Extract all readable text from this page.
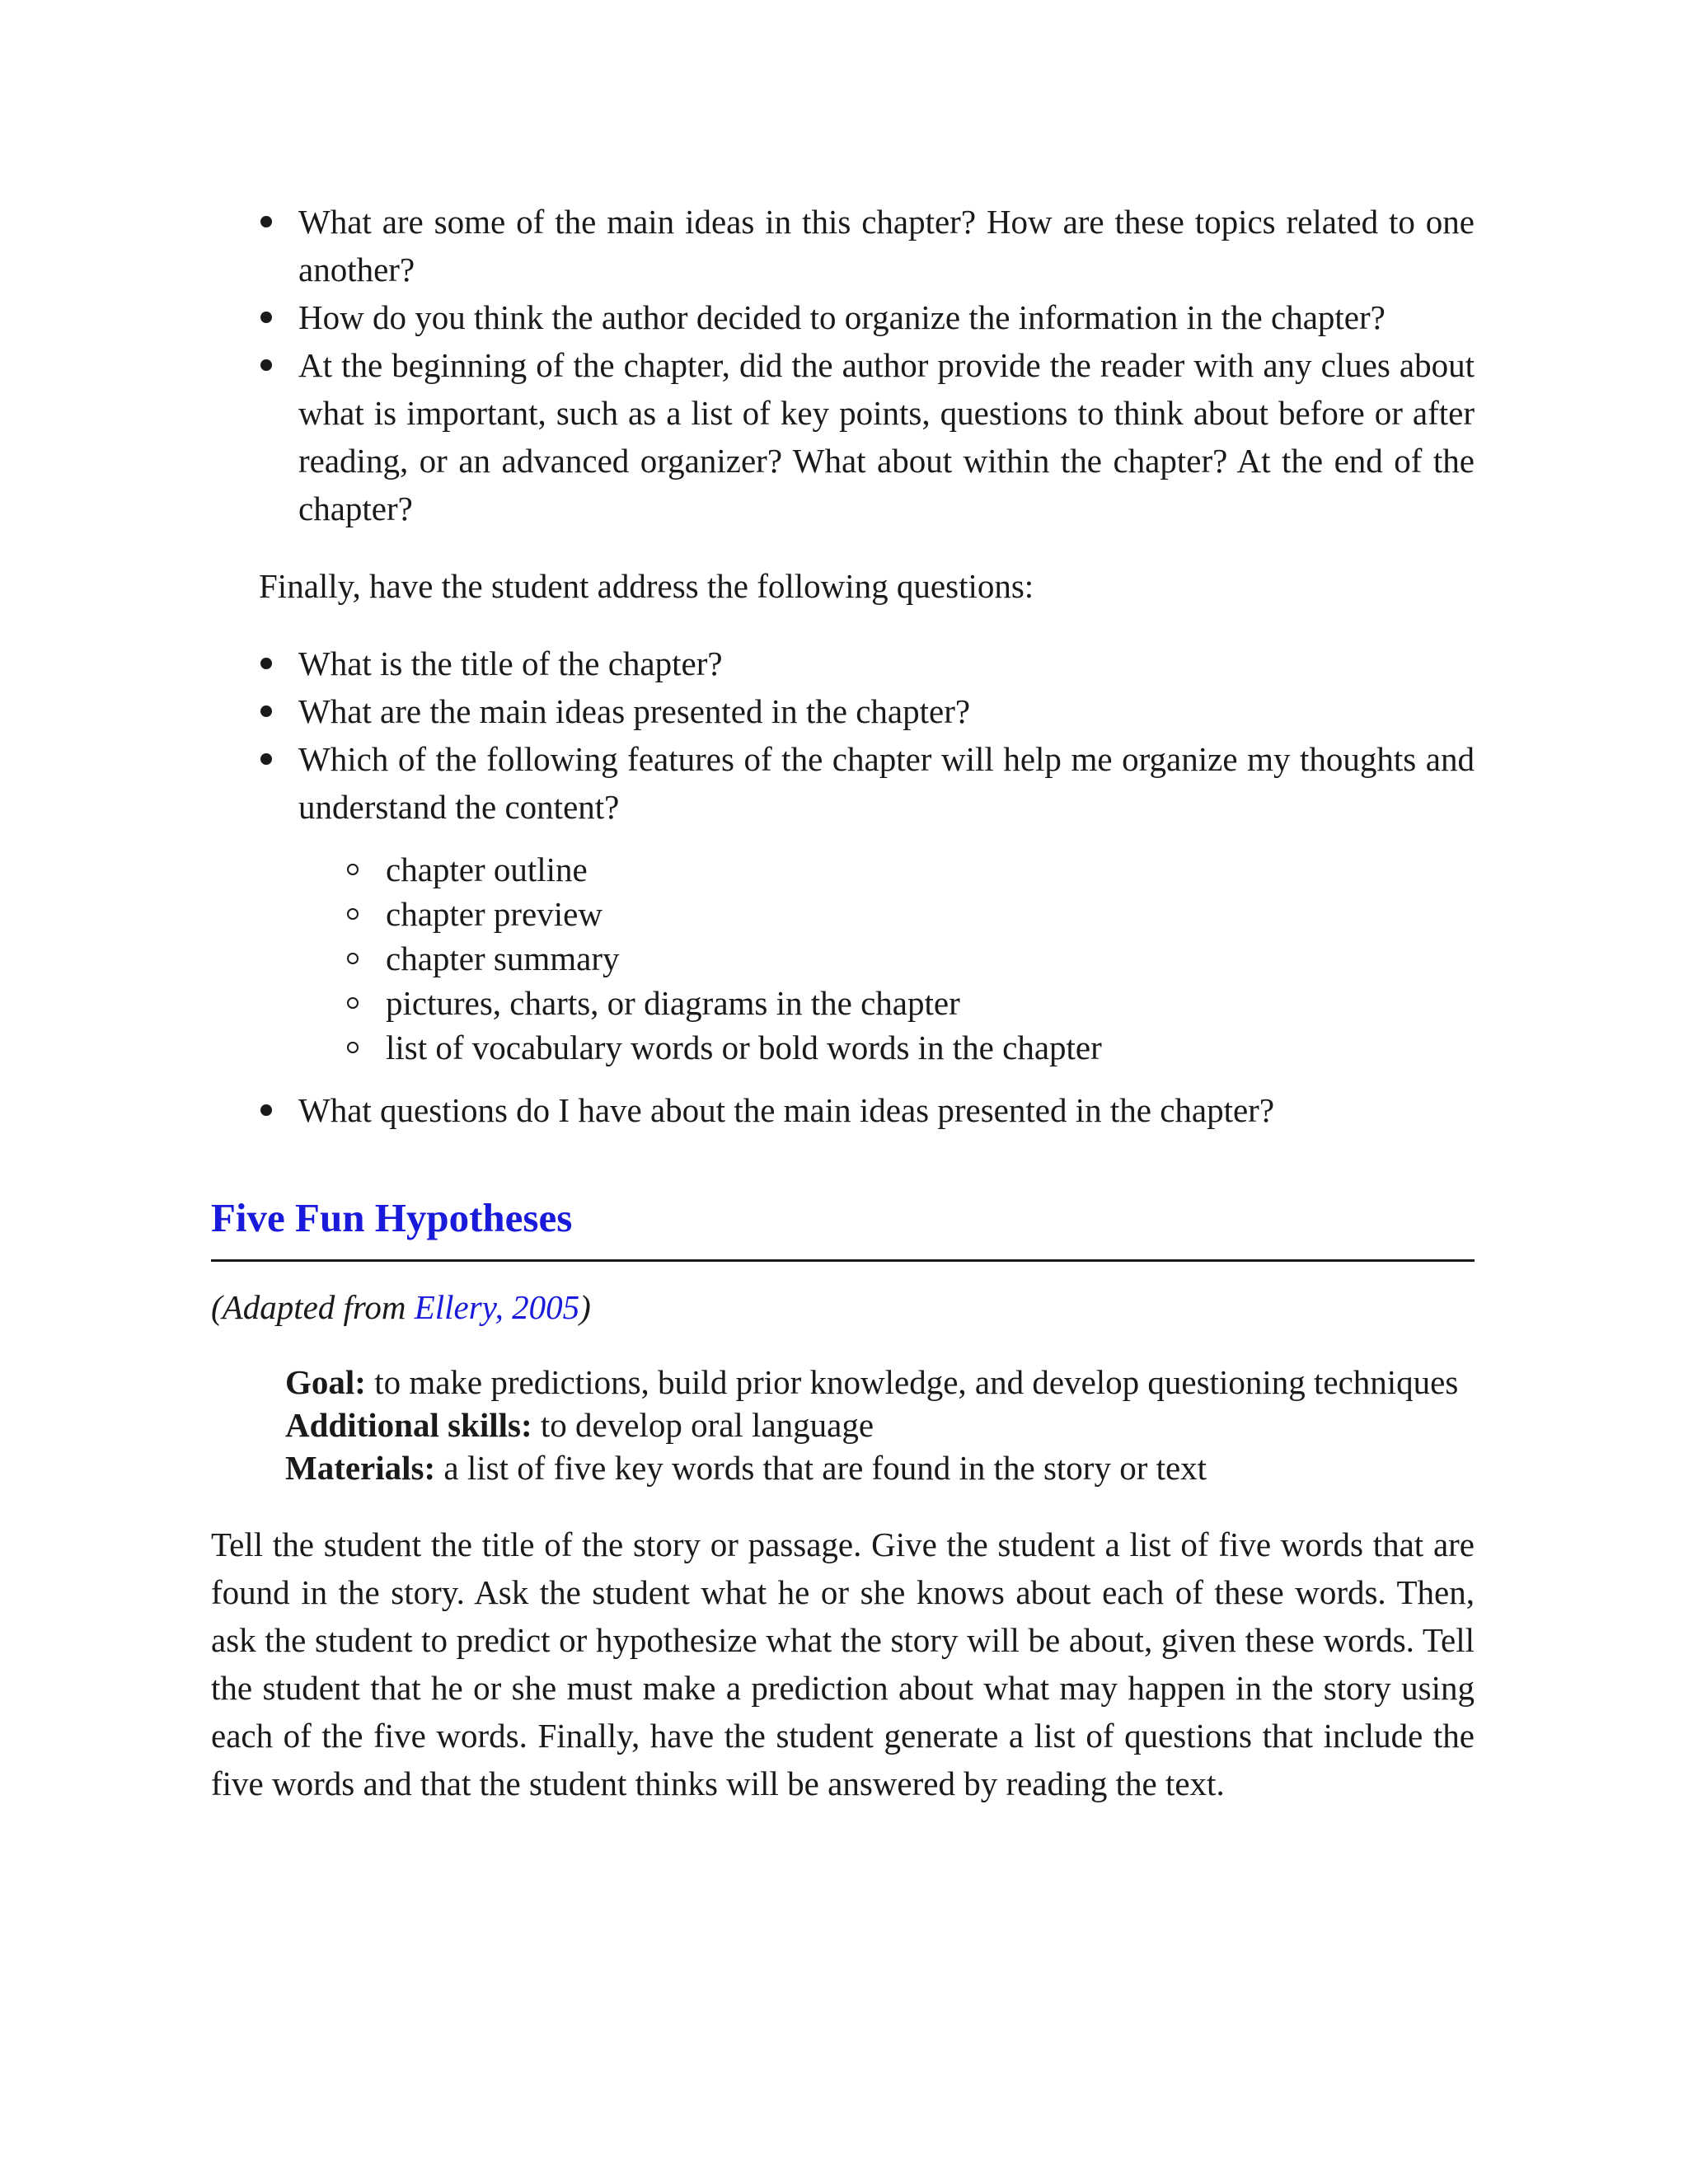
What are some of the main ideas in this chapter? How are these topics related to one another?
How do you think the author decided to organize the information in the chapter?
At the beginning of the chapter, did the author provide the reader with any clues about what is important, such as a list of key points, questions to think about before or after reading, or an advanced organizer? What about within the chapter? At the end of the chapter?
Finally, have the student address the following questions:
What is the title of the chapter?
What are the main ideas presented in the chapter?
Which of the following features of the chapter will help me organize my thoughts and understand the content?
chapter outline
chapter preview
chapter summary
pictures, charts, or diagrams in the chapter
list of vocabulary words or bold words in the chapter
What questions do I have about the main ideas presented in the chapter?
Five Fun Hypotheses
(Adapted from Ellery, 2005)
Goal: to make predictions, build prior knowledge, and develop questioning techniques
Additional skills: to develop oral language
Materials: a list of five key words that are found in the story or text
Tell the student the title of the story or passage. Give the student a list of five words that are found in the story. Ask the student what he or she knows about each of these words. Then, ask the student to predict or hypothesize what the story will be about, given these words. Tell the student that he or she must make a prediction about what may happen in the story using each of the five words. Finally, have the student generate a list of questions that include the five words and that the student thinks will be answered by reading the text.
